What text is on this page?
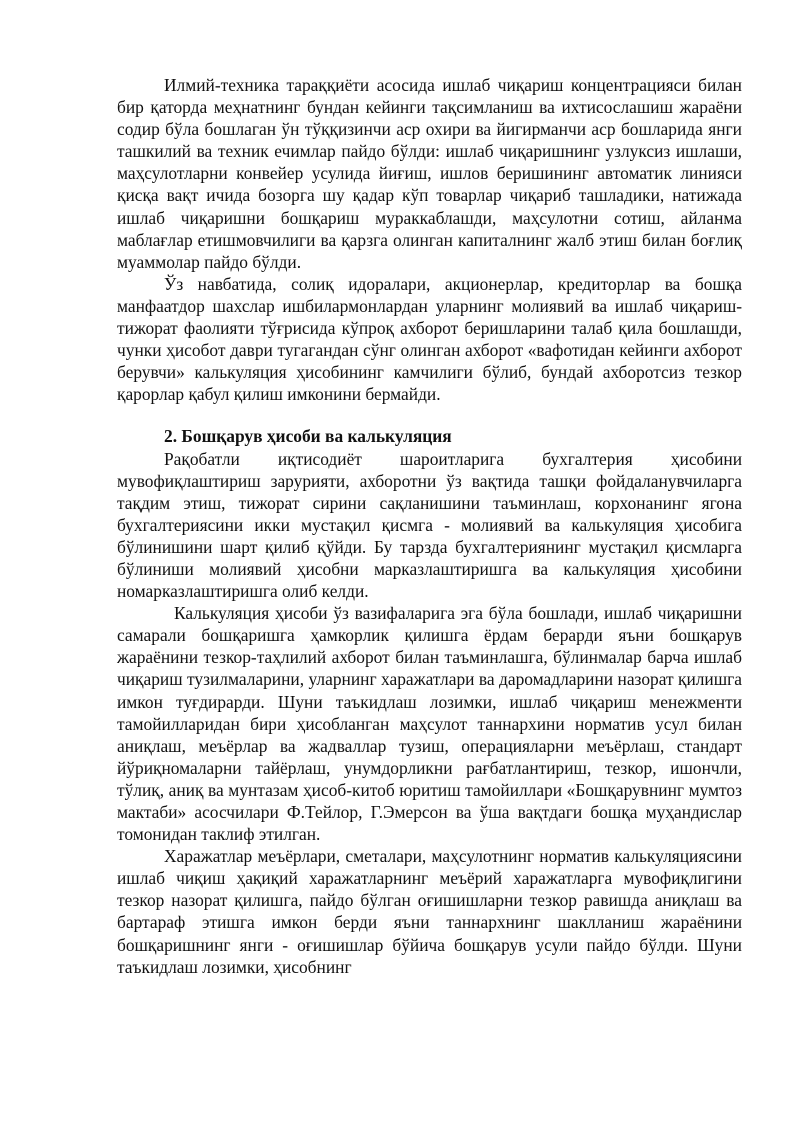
Илмий-техника тараққиёти асосида ишлаб чиқариш концентрацияси билан бир қаторда меҳнатнинг бундан кейинги тақсимланиш ва ихтисослашиш жараёни содир бўла бошлаган ўн тўққизинчи аср охири ва йигирманчи аср бошларида янги ташкилий ва техник ечимлар пайдо бўлди: ишлаб чиқаришнинг узлуксиз ишлаши, маҳсулотларни конвейер усулида йиғиш, ишлов беришининг автоматик линияси қисқа вақт ичида бозорга шу қадар кўп товарлар чиқариб ташладики, натижада ишлаб чиқаришни бошқариш мураккаблашди, маҳсулотни сотиш, айланма маблағлар етишмовчилиги ва қарзга олинган капиталнинг жалб этиш билан боғлиқ муаммолар пайдо бўлди.

Ўз навбатида, солиқ идоралари, акционерлар, кредиторлар ва бошқа манфаатдор шахслар ишбилармонлардан уларнинг молиявий ва ишлаб чиқариш-тижорат фаолияти тўғрисида кўпроқ ахборот беришларини талаб қила бошлашди, чунки ҳисобот даври тугагандан сўнг олинган ахборот «вафотидан кейинги ахборот берувчи» калькуляция ҳисобининг камчилиги бўлиб, бундай ахборотсиз тезкор қарорлар қабул қилиш имконини бермайди.

2. Бошқарув ҳисоби ва калькуляция

Рақобатли иқтисодиёт шароитларига бухгалтерия ҳисобини мувофиқлаштириш зарурияти, ахборотни ўз вақтида ташқи фойдаланувчиларга тақдим этиш, тижорат сирини сақланишини таъминлаш, корхонанинг ягона бухгалтериясини икки мустақил қисмга - молиявий ва калькуляция ҳисобига бўлинишини шарт қилиб қўйди. Бу тарзда бухгалтериянинг мустақил қисмларга бўлиниши молиявий ҳисобни марказлаштиришга ва калькуляция ҳисобини номарказлаштиришга олиб келди.

Калькуляция ҳисоби ўз вазифаларига эга бўла бошлади, ишлаб чиқаришни самарали бошқаришга ҳамкорлик қилишга ёрдам берарди яъни бошқарув жараёнини тезкор-таҳлилий ахборот билан таъминлашга, бўлинмалар барча ишлаб чиқариш тузилмаларини, уларнинг харажатлари ва даромадларини назорат қилишга имкон туғдирарди. Шуни таъкидлаш лозимки, ишлаб чиқариш менежменти тамойилларидан бири ҳисобланган маҳсулот таннархини норматив усул билан аниқлаш, меъёрлар ва жадваллар тузиш, операцияларни меъёрлаш, стандарт йўриқномаларни тайёрлаш, унумдорликни рағбатлантириш, тезкор, ишончли, тўлиқ, аниқ ва мунтазам ҳисоб-китоб юритиш тамойиллари «Бошқарувнинг мумтоз мактаби» асосчилари Ф.Тейлор, Г.Эмерсон ва ўша вақтдаги бошқа муҳандислар томонидан таклиф этилган.

Харажатлар меъёрлари, сметалари, маҳсулотнинг норматив калькуляциясини ишлаб чиқиш ҳақиқий харажатларнинг меъёрий харажатларга мувофиқлигини тезкор назорат қилишга, пайдо бўлган оғишишларни тезкор равишда аниқлаш ва бартараф этишга имкон берди яъни таннархнинг шаклланиш жараёнини бошқаришнинг янги - оғишишлар бўйича бошқарув усули пайдо бўлди. Шуни таъкидлаш лозимки, ҳисобнинг
